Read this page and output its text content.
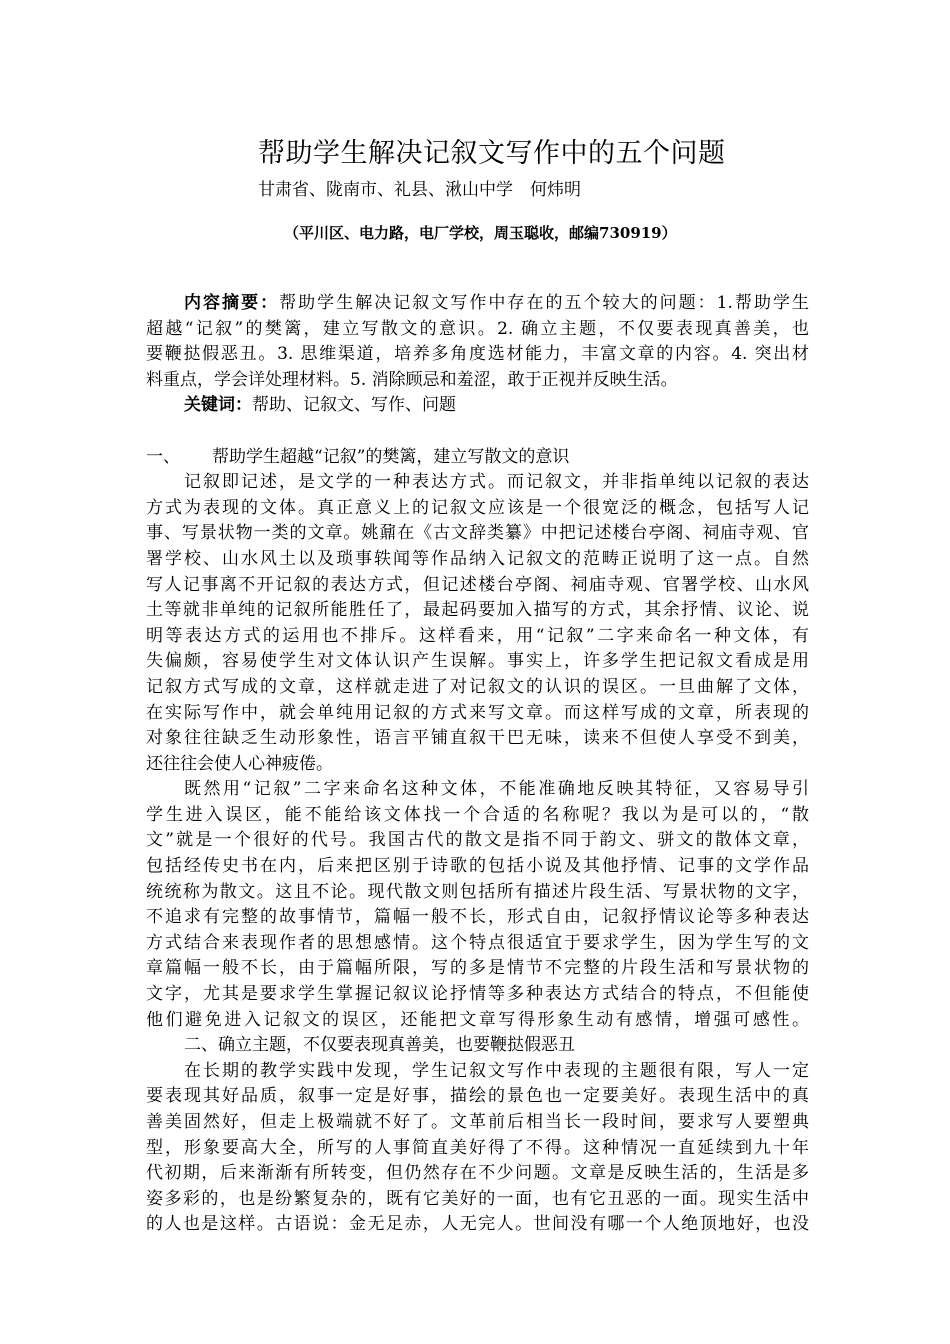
帮助学生解决记叙文写作中的五个问题
甘肃省、陇南市、礼县、湫山中学　何炜明
（平川区、电力路，电厂学校，周玉聪收，邮编730919）
内容摘要：帮助学生解决记叙文写作中存在的五个较大的问题：1.帮助学生
超越“记叙”的樊篱，建立写散文的意识。2. 确立主题，不仅要表现真善美，也
要鞭挞假恶丑。3. 思维渠道，培养多角度选材能力，丰富文章的内容。4. 突出材
料重点，学会详处理材料。5. 消除顾忌和羞涩，敢于正视并反映生活。
关键词：帮助、记叙文、写作、问题
一、 帮助学生超越“记叙”的樊篱，建立写散文的意识
记叙即记述，是文学的一种表达方式。而记叙文，并非指单纯以记叙的表达
方式为表现的文体。真正意义上的记叙文应该是一个很宽泛的概念，包括写人记
事、写景状物一类的文章。姚鼐在《古文辞类纂》中把记述楼台亭阁、祠庙寺观、官
署学校、山水风土以及琐事轶闻等作品纳入记叙文的范畴正说明了这一点。自然
写人记事离不开记叙的表达方式，但记述楼台亭阁、祠庙寺观、官署学校、山水风
土等就非单纯的记叙所能胜任了，最起码要加入描写的方式，其余抒情、议论、说
明等表达方式的运用也不排斥。这样看来，用“记叙”二字来命名一种文体，有
失偏颇，容易使学生对文体认识产生误解。事实上，许多学生把记叙文看成是用
记叙方式写成的文章，这样就走进了对记叙文的认识的误区。一旦曲解了文体，
在实际写作中，就会单纯用记叙的方式来写文章。而这样写成的文章，所表现的
对象往往缺乏生动形象性，语言平铺直叙干巴无味，读来不但使人享受不到美，
还往往会使人心神疲倦。
既然用“记叙”二字来命名这种文体，不能准确地反映其特征，又容易导引
学生进入误区，能不能给该文体找一个合适的名称呢？我以为是可以的，“散
文”就是一个很好的代号。我国古代的散文是指不同于韵文、骈文的散体文章，
包括经传史书在内，后来把区别于诗歌的包括小说及其他抒情、记事的文学作品
统统称为散文。这且不论。现代散文则包括所有描述片段生活、写景状物的文字，
不追求有完整的故事情节，篇幅一般不长，形式自由，记叙抒情议论等多种表达
方式结合来表现作者的思想感情。这个特点很适宜于要求学生，因为学生写的文
章篇幅一般不长，由于篇幅所限，写的多是情节不完整的片段生活和写景状物的
文字，尤其是要求学生掌握记叙议论抒情等多种表达方式结合的特点，不但能使
他们避免进入记叙文的误区，还能把文章写得形象生动有感情，增强可感性。
二、确立主题，不仅要表现真善美，也要鞭挞假恶丑
在长期的教学实践中发现，学生记叙文写作中表现的主题很有限，写人一定
要表现其好品质，叙事一定是好事，描绘的景色也一定要美好。表现生活中的真
善美固然好，但走上极端就不好了。文革前后相当长一段时间，要求写人要塑典
型，形象要高大全，所写的人事简直美好得了不得。这种情况一直延续到九十年
代初期，后来渐渐有所转变，但仍然存在不少问题。文章是反映生活的，生活是多
姿多彩的，也是纷繁复杂的，既有它美好的一面，也有它丑恶的一面。现实生活中
的人也是这样。古语说：金无足赤，人无完人。世间没有哪一个人绝顶地好，也没
